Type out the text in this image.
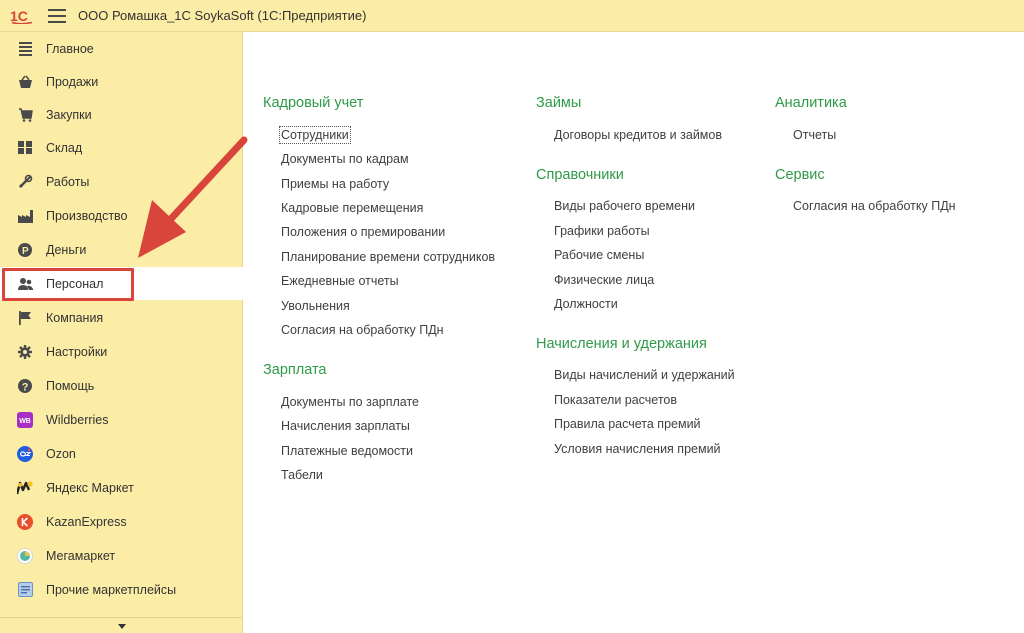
1С	ООО Ромашка_1С SoykaSoft (1С:Предприятие)
Главное
Продажи
Закупки
Склад
Работы
Производство
P Деньги
Персонал
Компания
Настройки
? Помощь
WB Wildberries
Ozon
Яндекс Маркет
KazanExpress
Мегамаркет
Прочие маркетплейсы
Кадровый учет
Сотрудники
Документы по кадрам
Приемы на работу
Кадровые перемещения
Положения о премировании
Планирование времени сотрудников
Ежедневные отчеты
Увольнения
Согласия на обработку ПДн
Зарплата
Документы по зарплате
Начисления зарплаты
Платежные ведомости
Табели
Займы
Договоры кредитов и займов
Справочники
Виды рабочего времени
Графики работы
Рабочие смены
Физические лица
Должности
Начисления и удержания
Виды начислений и удержаний
Показатели расчетов
Правила расчета премий
Условия начисления премий
Аналитика
Отчеты
Сервис
Согласия на обработку ПДн
